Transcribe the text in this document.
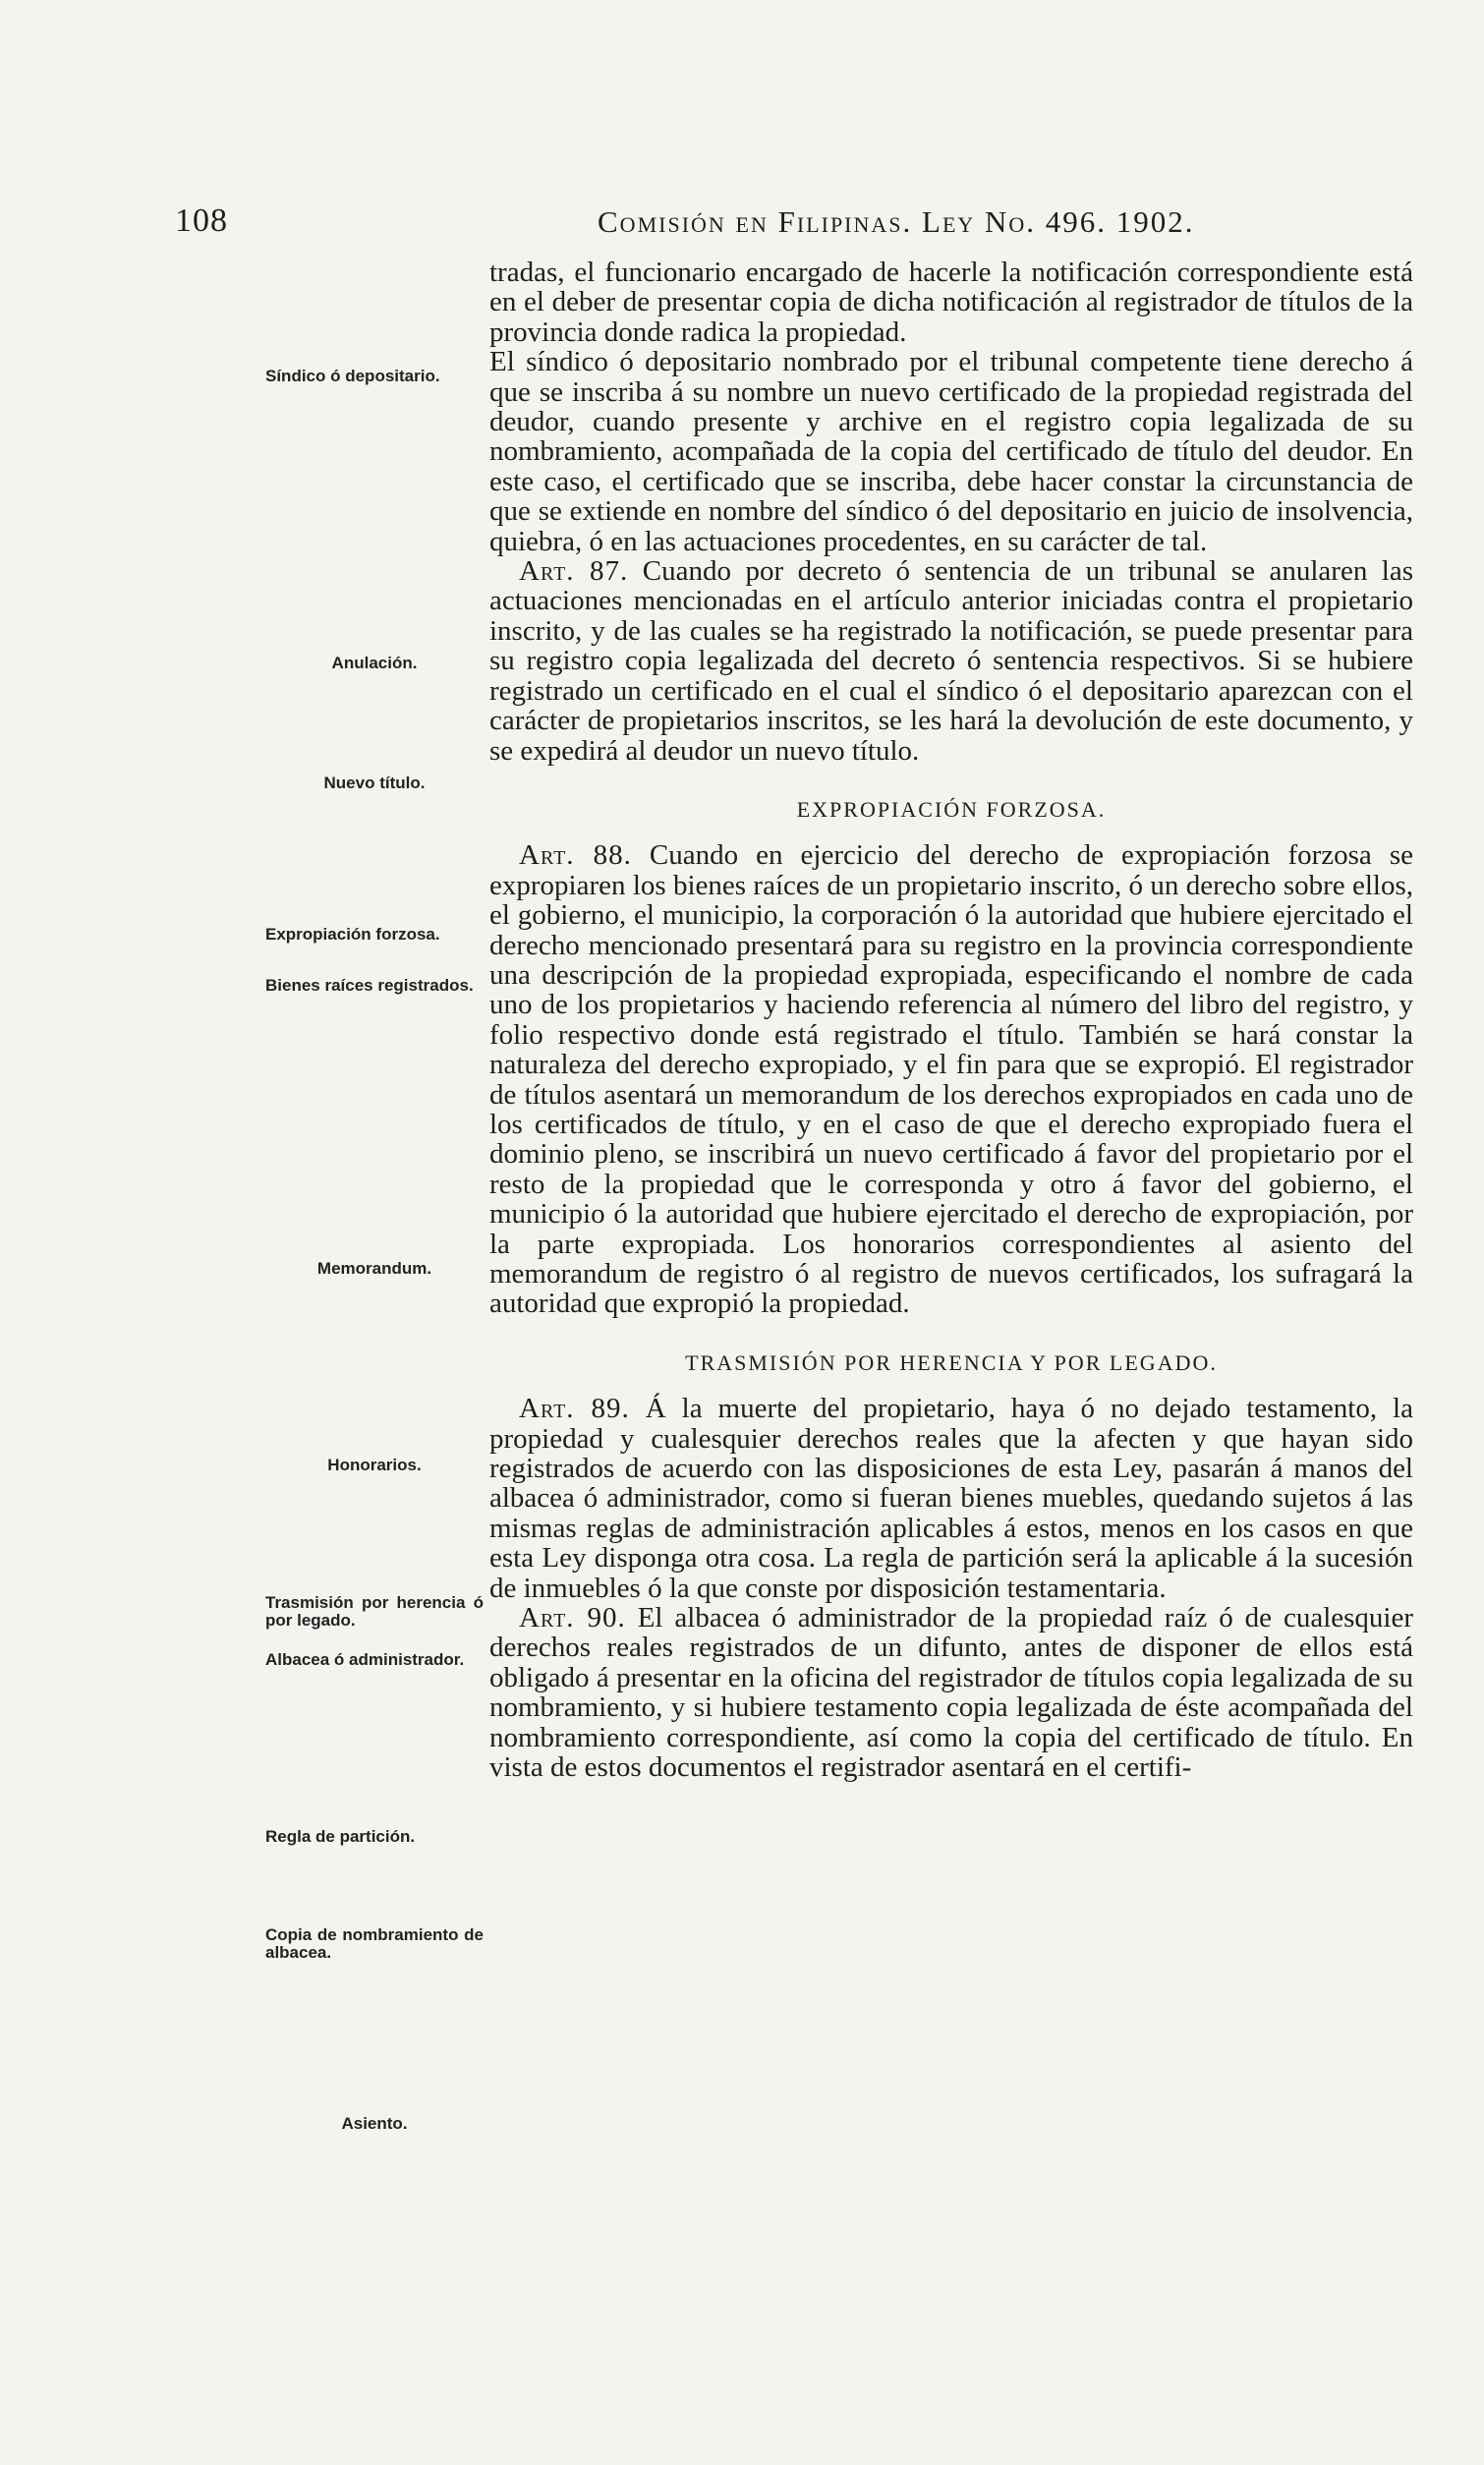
108	Comisión en Filipinas. Ley No. 496. 1902.
Síndico ó depositario.
Anulación.
Nuevo título.
Expropiación forzosa.
Bienes raíces registrados.
Memorandum.
Honorarios.
Trasmisión por herencia ó por legado.
Albacea ó administrador.
Regla de partición.
Copia de nombramiento de albacea.
Asiento.

tradas, el funcionario encargado de hacerle la notificación correspondiente está en el deber de presentar copia de dicha notificación al registrador de títulos de la provincia donde radica la propiedad.

El síndico ó depositario nombrado por el tribunal competente tiene derecho á que se inscriba á su nombre un nuevo certificado de la propiedad registrada del deudor, cuando presente y archive en el registro copia legalizada de su nombramiento, acompañada de la copia del certificado de título del deudor. En este caso, el certificado que se inscriba, debe hacer constar la circunstancia de que se extiende en nombre del síndico ó del depositario en juicio de insolvencia, quiebra, ó en las actuaciones procedentes, en su carácter de tal.

Art. 87. Cuando por decreto ó sentencia de un tribunal se anularen las actuaciones mencionadas en el artículo anterior iniciadas contra el propietario inscrito, y de las cuales se ha registrado la notificación, se puede presentar para su registro copia legalizada del decreto ó sentencia respectivos. Si se hubiere registrado un certificado en el cual el síndico ó el depositario aparezcan con el carácter de propietarios inscritos, se les hará la devolución de este documento, y se expedirá al deudor un nuevo título.

EXPROPIACIÓN FORZOSA.

Art. 88. Cuando en ejercicio del derecho de expropiación forzosa se expropiaren los bienes raíces de un propietario inscrito, ó un derecho sobre ellos, el gobierno, el municipio, la corporación ó la autoridad que hubiere ejercitado el derecho mencionado presentará para su registro en la provincia correspondiente una descripción de la propiedad expropiada, especificando el nombre de cada uno de los propietarios y haciendo referencia al número del libro del registro, y folio respectivo donde está registrado el título. También se hará constar la naturaleza del derecho expropiado, y el fin para que se expropió. El registrador de títulos asentará un memorandum de los derechos expropiados en cada uno de los certificados de título, y en el caso de que el derecho expropiado fuera el dominio pleno, se inscribirá un nuevo certificado á favor del propietario por el resto de la propiedad que le corresponda y otro á favor del gobierno, el municipio ó la autoridad que hubiere ejercitado el derecho de expropiación, por la parte expropiada. Los honorarios correspondientes al asiento del memorandum de registro ó al registro de nuevos certificados, los sufragará la autoridad que expropió la propiedad.

TRASMISIÓN POR HERENCIA Y POR LEGADO.

Art. 89. Á la muerte del propietario, haya ó no dejado testamento, la propiedad y cualesquier derechos reales que la afecten y que hayan sido registrados de acuerdo con las disposiciones de esta Ley, pasarán á manos del albacea ó administrador, como si fueran bienes muebles, quedando sujetos á las mismas reglas de administración aplicables á estos, menos en los casos en que esta Ley disponga otra cosa. La regla de partición será la aplicable á la sucesión de inmuebles ó la que conste por disposición testamentaria.

Art. 90. El albacea ó administrador de la propiedad raíz ó de cualesquier derechos reales registrados de un difunto, antes de disponer de ellos está obligado á presentar en la oficina del registrador de títulos copia legalizada de su nombramiento, y si hubiere testamento copia legalizada de éste acompañada del nombramiento correspondiente, así como la copia del certificado de título. En vista de estos documentos el registrador asentará en el certifi-
